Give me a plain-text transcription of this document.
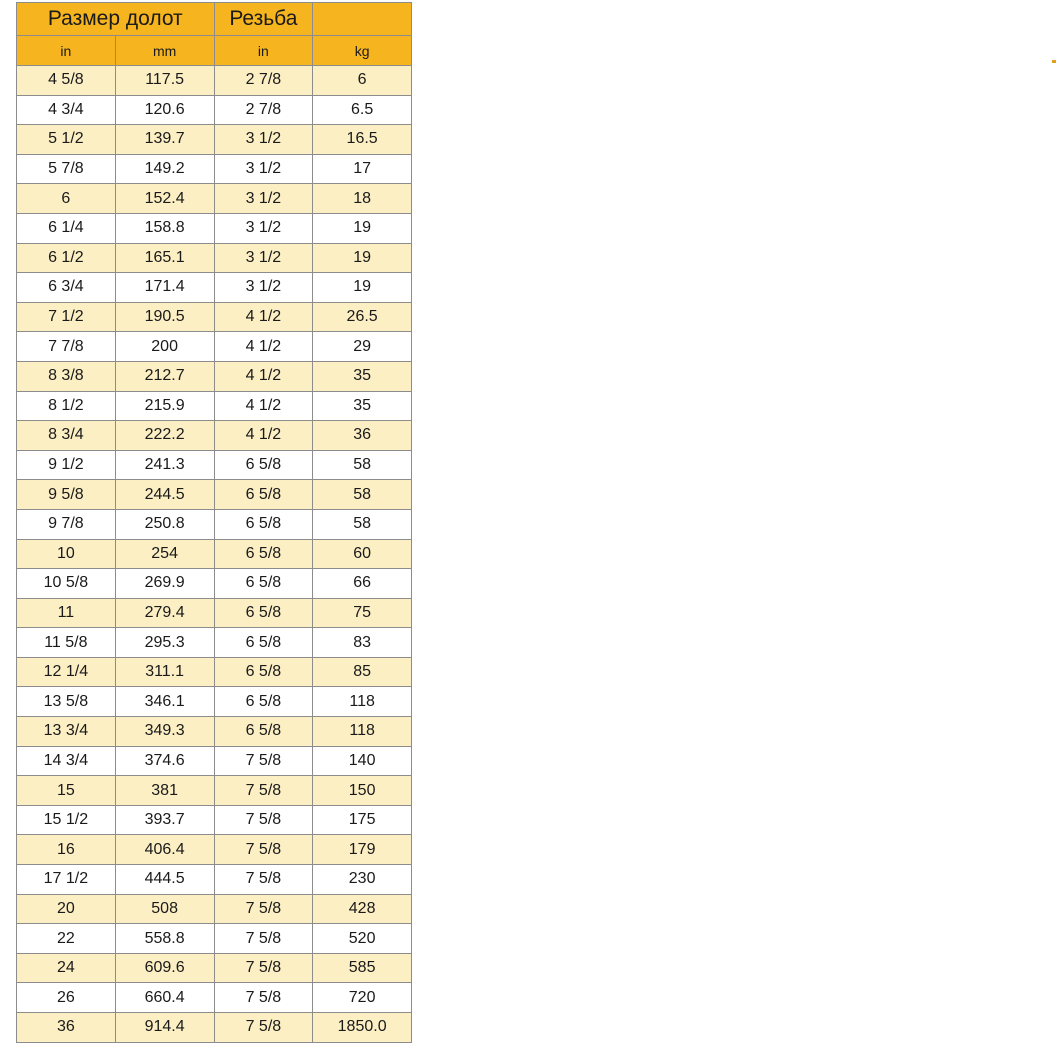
Размер долот		Резьба	
in	mm	in	kg
4 5/8	117.5	2 7/8	6
4 3/4	120.6	2 7/8	6.5
5 1/2	139.7	3 1/2	16.5
5 7/8	149.2	3 1/2	17
6	152.4	3 1/2	18
6 1/4	158.8	3 1/2	19
6 1/2	165.1	3 1/2	19
6 3/4	171.4	3 1/2	19
7 1/2	190.5	4 1/2	26.5
7 7/8	200	4 1/2	29
8 3/8	212.7	4 1/2	35
8 1/2	215.9	4 1/2	35
8 3/4	222.2	4 1/2	36
9 1/2	241.3	6 5/8	58
9 5/8	244.5	6 5/8	58
9 7/8	250.8	6 5/8	58
10	254	6 5/8	60
10 5/8	269.9	6 5/8	66
11	279.4	6 5/8	75
11 5/8	295.3	6 5/8	83
12 1/4	311.1	6 5/8	85
13 5/8	346.1	6 5/8	118
13 3/4	349.3	6 5/8	118
14 3/4	374.6	7 5/8	140
15	381	7 5/8	150
15 1/2	393.7	7 5/8	175
16	406.4	7 5/8	179
17 1/2	444.5	7 5/8	230
20	508	7 5/8	428
22	558.8	7 5/8	520
24	609.6	7 5/8	585
26	660.4	7 5/8	720
36	914.4	7 5/8	1850.0
